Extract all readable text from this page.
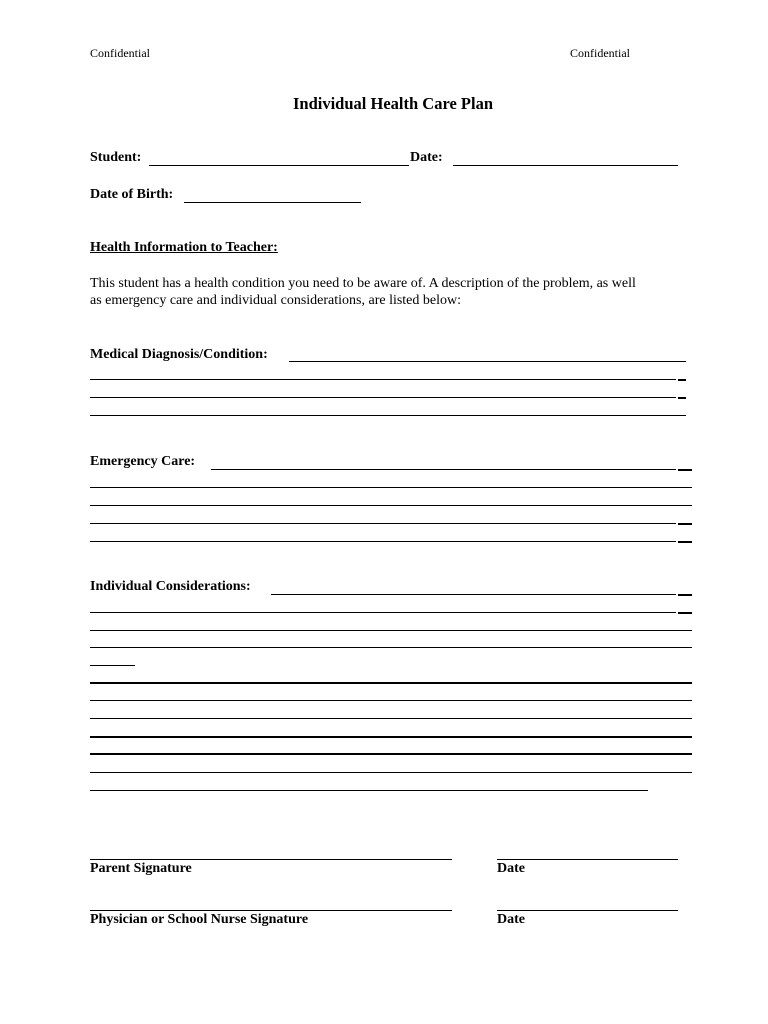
Confidential	Confidential
Individual Health Care Plan
Student:	Date:
Date of Birth:
Health Information to Teacher:
This student has a health condition you need to be aware of. A description of the problem, as well
as emergency care and individual considerations, are listed below:
Medical Diagnosis/Condition:
Emergency Care:
Individual Considerations:
Parent Signature	Date
Physician or School Nurse Signature	Date
